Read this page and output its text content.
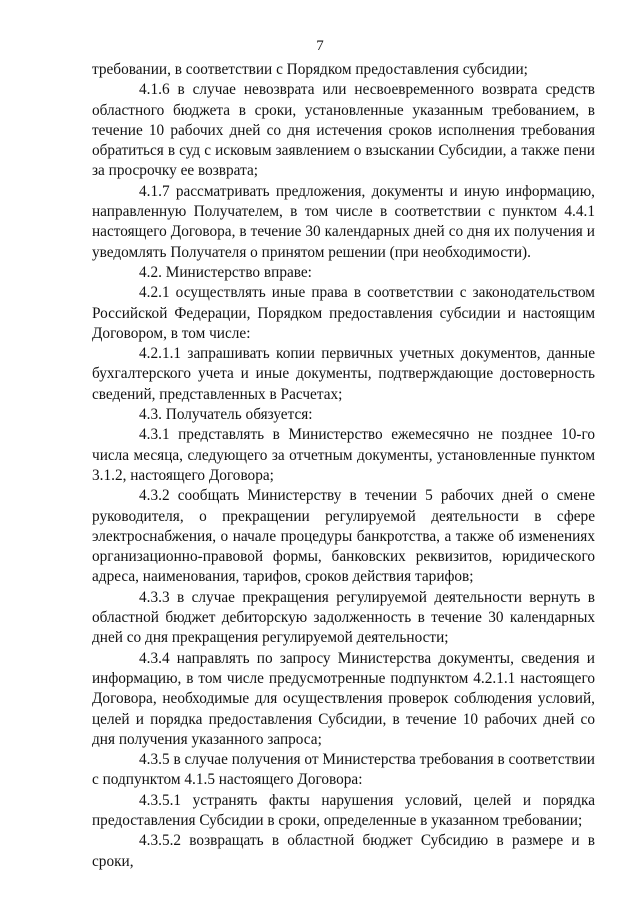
7

требовании, в соответствии с Порядком предоставления субсидии;

4.1.6 в случае невозврата или несвоевременного возврата средств областного бюджета в сроки, установленные указанным требованием, в течение 10 рабочих дней со дня истечения сроков исполнения требования обратиться в суд с исковым заявлением о взыскании Субсидии, а также пени за просрочку ее возврата;

4.1.7 рассматривать предложения, документы и иную информацию, направленную Получателем, в том числе в соответствии с пунктом 4.4.1 настоящего Договора, в течение 30 календарных дней со дня их получения и уведомлять Получателя о принятом решении (при необходимости).

4.2. Министерство вправе:

4.2.1 осуществлять иные права в соответствии с законодательством Российской Федерации, Порядком предоставления субсидии и настоящим Договором, в том числе:

4.2.1.1 запрашивать копии первичных учетных документов, данные бухгалтерского учета и иные документы, подтверждающие достоверность сведений, представленных в Расчетах;

4.3. Получатель обязуется:

4.3.1 представлять в Министерство ежемесячно не позднее 10-го числа месяца, следующего за отчетным документы, установленные пунктом 3.1.2, настоящего Договора;

4.3.2 сообщать Министерству в течении 5 рабочих дней о смене руководителя, о прекращении регулируемой деятельности в сфере электроснабжения, о начале процедуры банкротства, а также об изменениях организационно-правовой формы, банковских реквизитов, юридического адреса, наименования, тарифов, сроков действия тарифов;

4.3.3 в случае прекращения регулируемой деятельности вернуть в областной бюджет дебиторскую задолженность в течение 30 календарных дней со дня прекращения регулируемой деятельности;

4.3.4 направлять по запросу Министерства документы, сведения и информацию, в том числе предусмотренные подпунктом 4.2.1.1 настоящего Договора, необходимые для осуществления проверок соблюдения условий, целей и порядка предоставления Субсидии, в течение 10 рабочих дней со дня получения указанного запроса;

4.3.5 в случае получения от Министерства требования в соответствии с подпунктом 4.1.5 настоящего Договора:

4.3.5.1 устранять факты нарушения условий, целей и порядка предоставления Субсидии в сроки, определенные в указанном требовании;

4.3.5.2 возвращать в областной бюджет Субсидию в размере и в сроки,
